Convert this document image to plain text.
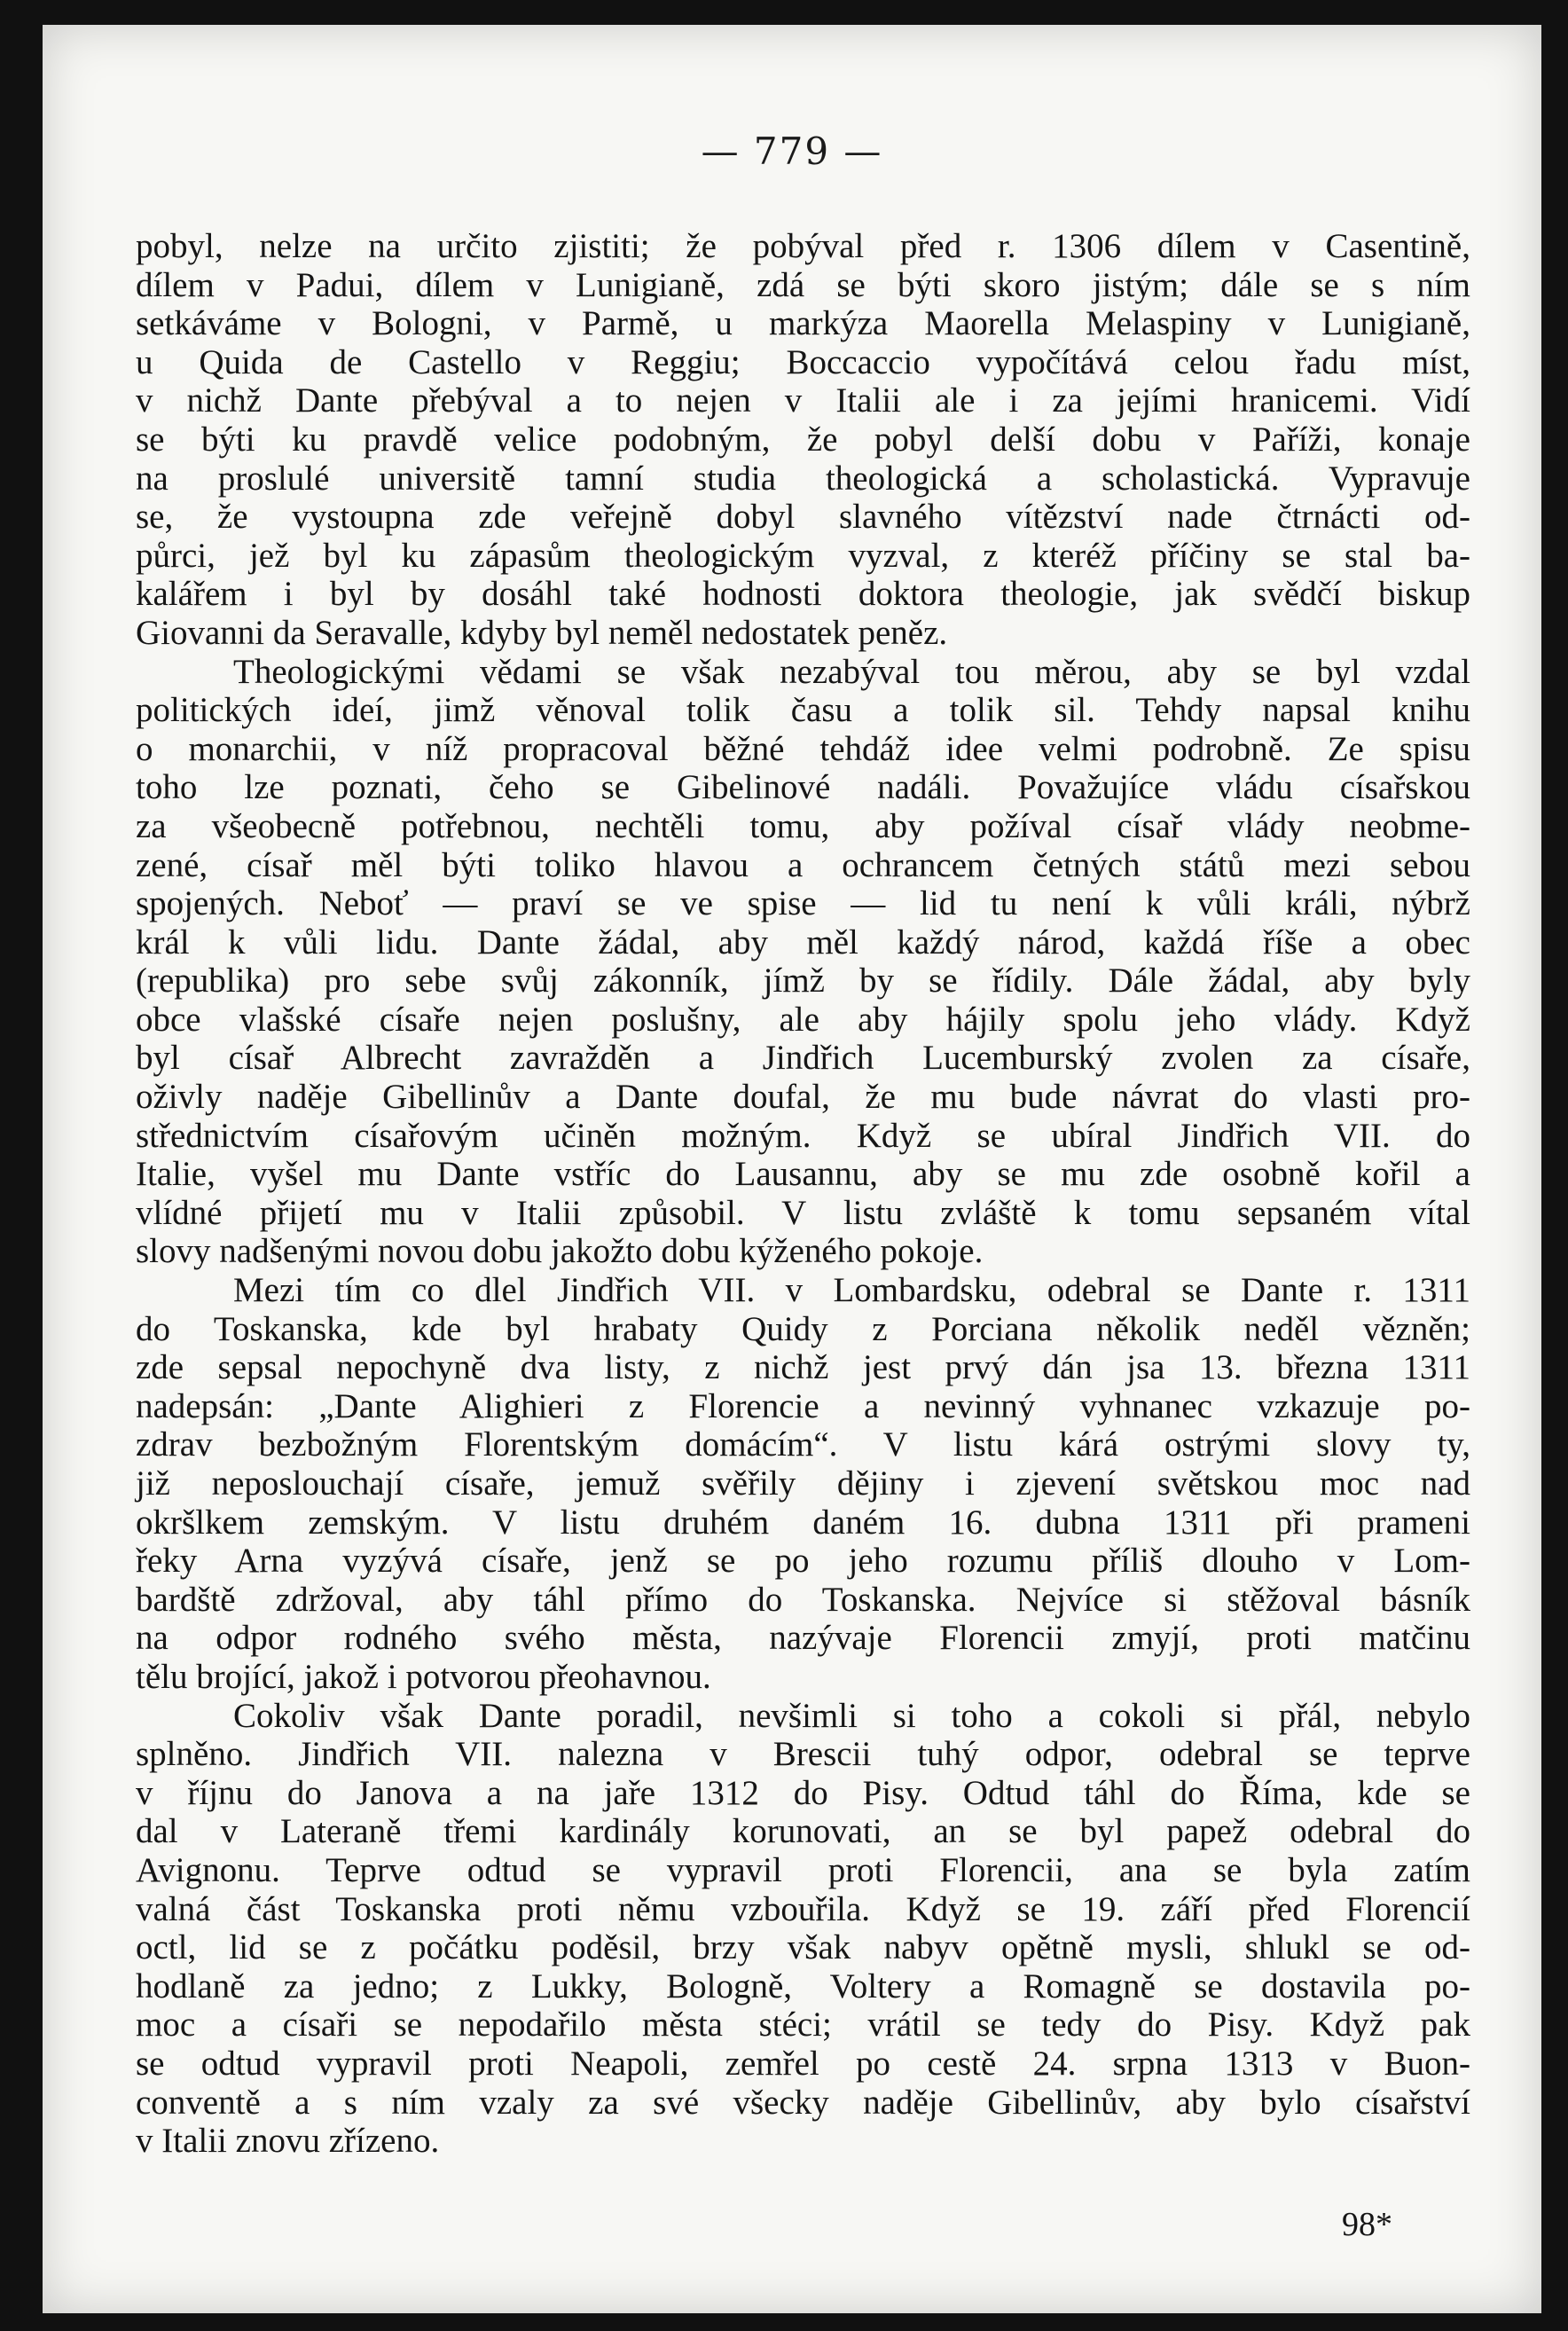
— 779 —
pobyl, nelze na určito zjistiti; že pobýval před r. 1306 dílem v Casentině,
dílem v Padui, dílem v Lunigianě, zdá se býti skoro jistým; dále se s ním
setkáváme v Bologni, v Parmě, u markýza Maorella Melaspiny v Lunigianě,
u Quida de Castello v Reggiu; Boccaccio vypočítává celou řadu míst,
v nichž Dante přebýval a to nejen v Italii ale i za jejími hranicemi. Vidí
se býti ku pravdě velice podobným, že pobyl delší dobu v Paříži, konaje
na proslulé universitě tamní studia theologická a scholastická. Vypravuje
se, že vystoupna zde veřejně dobyl slavného vítězství nade čtrnácti od-
půrci, jež byl ku zápasům theologickým vyzval, z kteréž příčiny se stal ba-
kalářem i byl by dosáhl také hodnosti doktora theologie, jak svědčí biskup
Giovanni da Seravalle, kdyby byl neměl nedostatek peněz.
Theologickými vědami se však nezabýval tou měrou, aby se byl vzdal
politických ideí, jimž věnoval tolik času a tolik sil. Tehdy napsal knihu
o monarchii, v níž propracoval běžné tehdáž idee velmi podrobně. Ze spisu
toho lze poznati, čeho se Gibelinové nadáli. Považujíce vládu císařskou
za všeobecně potřebnou, nechtěli tomu, aby požíval císař vlády neobme-
zené, císař měl býti toliko hlavou a ochrancem četných států mezi sebou
spojených. Neboť — praví se ve spise — lid tu není k vůli králi, nýbrž
král k vůli lidu. Dante žádal, aby měl každý národ, každá říše a obec
(republika) pro sebe svůj zákonník, jímž by se řídily. Dále žádal, aby byly
obce vlašské císaře nejen poslušny, ale aby hájily spolu jeho vlády. Když
byl císař Albrecht zavražděn a Jindřich Lucemburský zvolen za císaře,
oživly naděje Gibellinův a Dante doufal, že mu bude návrat do vlasti pro-
střednictvím císařovým učiněn možným. Když se ubíral Jindřich VII. do
Italie, vyšel mu Dante vstříc do Lausannu, aby se mu zde osobně kořil a
vlídné přijetí mu v Italii způsobil. V listu zvláště k tomu sepsaném vítal
slovy nadšenými novou dobu jakožto dobu kýženého pokoje.
Mezi tím co dlel Jindřich VII. v Lombardsku, odebral se Dante r. 1311
do Toskanska, kde byl hrabaty Quidy z Porciana několik neděl vězněn;
zde sepsal nepochyně dva listy, z nichž jest prvý dán jsa 13. března 1311
nadepsán: „Dante Alighieri z Florencie a nevinný vyhnanec vzkazuje po-
zdrav bezbožným Florentským domácím“. V listu kárá ostrými slovy ty,
již neposlouchají císaře, jemuž svěřily dějiny i zjevení světskou moc nad
okršlkem zemským. V listu druhém daném 16. dubna 1311 při prameni
řeky Arna vyzývá císaře, jenž se po jeho rozumu příliš dlouho v Lom-
bardště zdržoval, aby táhl přímo do Toskanska. Nejvíce si stěžoval básník
na odpor rodného svého města, nazývaje Florencii zmyjí, proti matčinu
tělu brojící, jakož i potvorou přeohavnou.
Cokoliv však Dante poradil, nevšimli si toho a cokoli si přál, nebylo
splněno. Jindřich VII. nalezna v Brescii tuhý odpor, odebral se teprve
v říjnu do Janova a na jaře 1312 do Pisy. Odtud táhl do Říma, kde se
dal v Lateraně třemi kardinály korunovati, an se byl papež odebral do
Avignonu. Teprve odtud se vypravil proti Florencii, ana se byla zatím
valná část Toskanska proti němu vzbouřila. Když se 19. září před Florencií
octl, lid se z počátku poděsil, brzy však nabyv opětně mysli, shlukl se od-
hodlaně za jedno; z Lukky, Bologně, Voltery a Romagně se dostavila po-
moc a císaři se nepodařilo města stéci; vrátil se tedy do Pisy. Když pak
se odtud vypravil proti Neapoli, zemřel po cestě 24. srpna 1313 v Buon-
conventě a s ním vzaly za své všecky naděje Gibellinův, aby bylo císařství
v Italii znovu zřízeno.
98*
